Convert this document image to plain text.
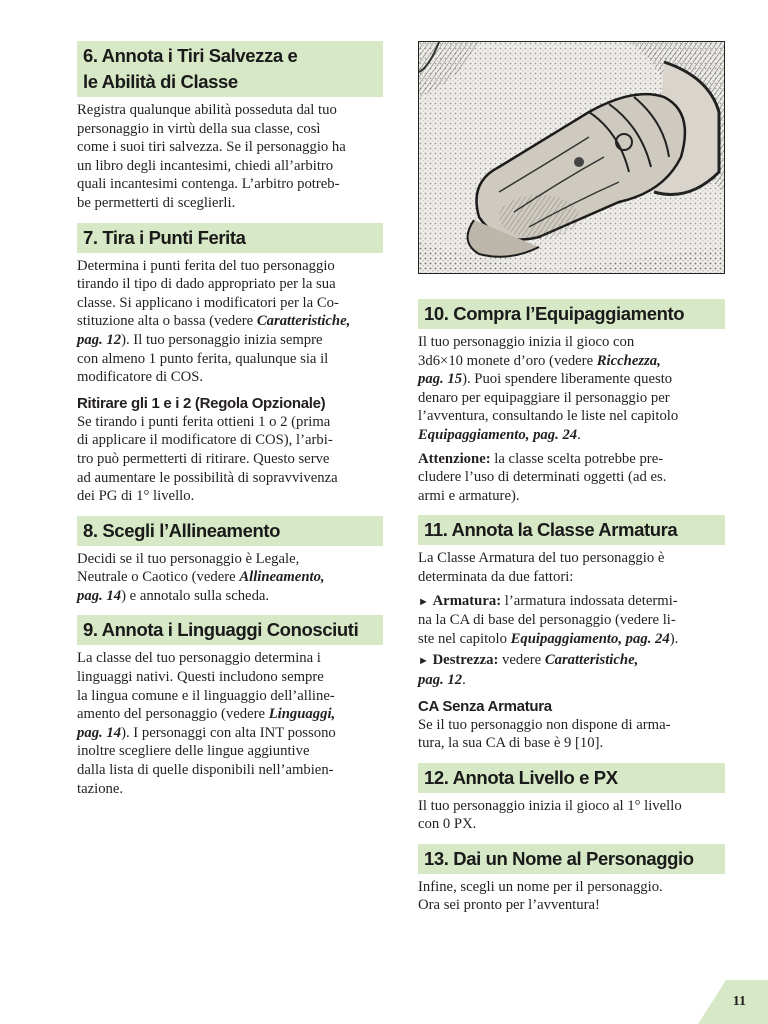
6. Annota i Tiri Salvezza e
le Abilità di Classe
Registra qualunque abilità posseduta dal tuo
personaggio in virtù della sua classe, così
come i suoi tiri salvezza. Se il personaggio ha
un libro degli incantesimi, chiedi all’arbitro
quali incantesimi contenga. L’arbitro potreb-
be permetterti di sceglierli.
7. Tira i Punti Ferita
Determina i punti ferita del tuo personaggio
tirando il tipo di dado appropriato per la sua
classe. Si applicano i modificatori per la Co-
stituzione alta o bassa (vedere Caratteristiche,
pag. 12). Il tuo personaggio inizia sempre
con almeno 1 punto ferita, qualunque sia il
modificatore di COS.
Ritirare gli 1 e i 2 (Regola Opzionale)
Se tirando i punti ferita ottieni 1 o 2 (prima
di applicare il modificatore di COS), l’arbi-
tro può permetterti di ritirare. Questo serve
ad aumentare le possibilità di sopravvivenza
dei PG di 1° livello.
8. Scegli l’Allineamento
Decidi se il tuo personaggio è Legale,
Neutrale o Caotico (vedere Allineamento,
pag. 14) e annotalo sulla scheda.
9. Annota i Linguaggi Conosciuti
La classe del tuo personaggio determina i
linguaggi nativi. Questi includono sempre
la lingua comune e il linguaggio dell’alline-
amento del personaggio (vedere Linguaggi,
pag. 14). I personaggi con alta INT possono
inoltre scegliere delle lingue aggiuntive
dalla lista di quelle disponibili nell’ambien-
tazione.
10. Compra l’Equipaggiamento
Il tuo personaggio inizia il gioco con
3d6×10 monete d’oro (vedere Ricchezza,
pag. 15). Puoi spendere liberamente questo
denaro per equipaggiare il personaggio per
l’avventura, consultando le liste nel capitolo
Equipaggiamento, pag. 24.
Attenzione: la classe scelta potrebbe pre-
cludere l’uso di determinati oggetti (ad es.
armi e armature).
11. Annota la Classe Armatura
La Classe Armatura del tuo personaggio è
determinata da due fattori:
► Armatura: l’armatura indossata determi-
na la CA di base del personaggio (vedere li-
ste nel capitolo Equipaggiamento, pag. 24).
► Destrezza: vedere Caratteristiche,
pag. 12.
CA Senza Armatura
Se il tuo personaggio non dispone di arma-
tura, la sua CA di base è 9 [10].
12. Annota Livello e PX
Il tuo personaggio inizia il gioco al 1° livello
con 0 PX.
13. Dai un Nome al Personaggio
Infine, scegli un nome per il personaggio.
Ora sei pronto per l’avventura!
11
